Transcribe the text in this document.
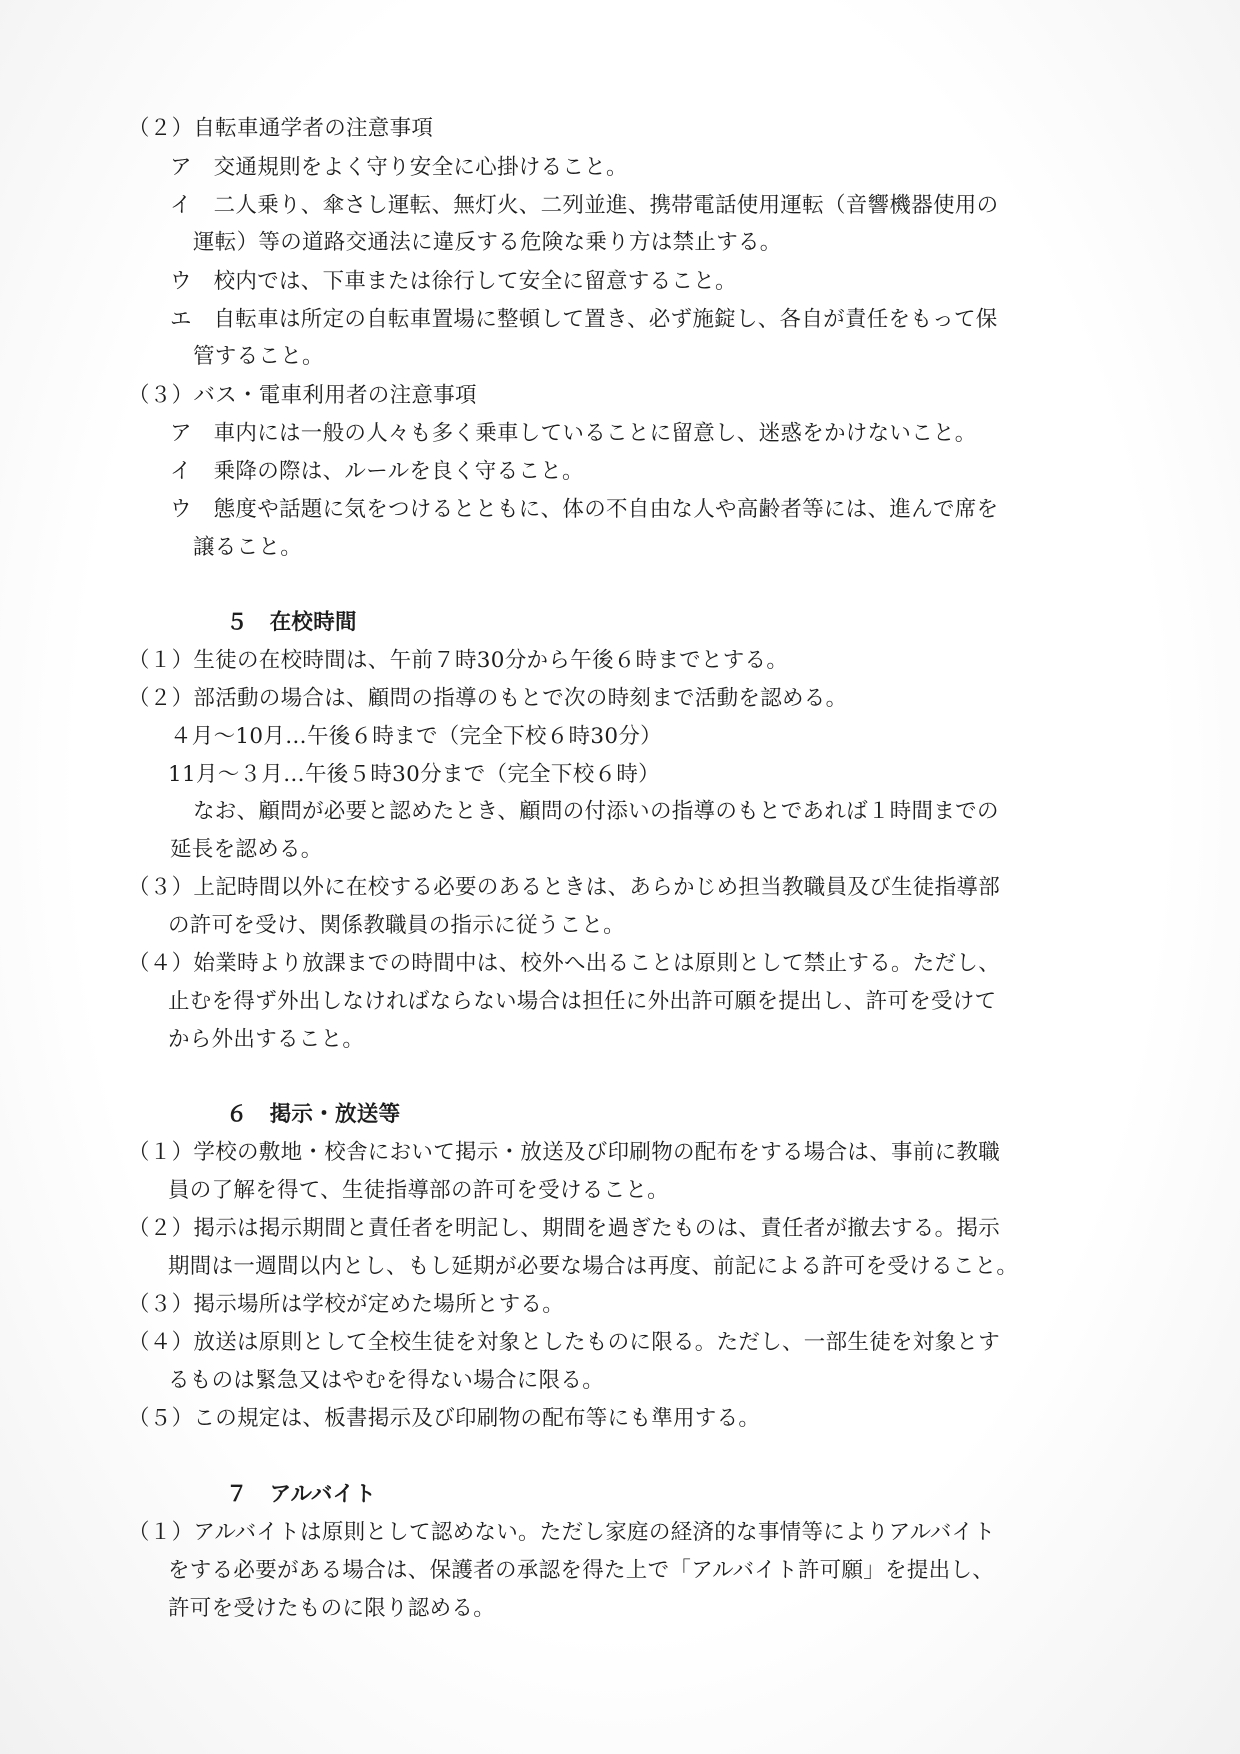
（２）自転車通学者の注意事項
ア　交通規則をよく守り安全に心掛けること。
イ　二人乗り、傘さし運転、無灯火、二列並進、携帯電話使用運転（音響機器使用の
運転）等の道路交通法に違反する危険な乗り方は禁止する。
ウ　校内では、下車または徐行して安全に留意すること。
エ　自転車は所定の自転車置場に整頓して置き、必ず施錠し、各自が責任をもって保
管すること。
（３）バス・電車利用者の注意事項
ア　車内には一般の人々も多く乗車していることに留意し、迷惑をかけないこと。
イ　乗降の際は、ルールを良く守ること。
ウ　態度や話題に気をつけるとともに、体の不自由な人や高齢者等には、進んで席を
譲ること。
５　在校時間
（１）生徒の在校時間は、午前７時30分から午後６時までとする。
（２）部活動の場合は、顧問の指導のもとで次の時刻まで活動を認める。
４月～10月…午後６時まで（完全下校６時30分）
11月～３月…午後５時30分まで（完全下校６時）
なお、顧問が必要と認めたとき、顧問の付添いの指導のもとであれば１時間までの
延長を認める。
（３）上記時間以外に在校する必要のあるときは、あらかじめ担当教職員及び生徒指導部
の許可を受け、関係教職員の指示に従うこと。
（４）始業時より放課までの時間中は、校外へ出ることは原則として禁止する。ただし、
止むを得ず外出しなければならない場合は担任に外出許可願を提出し、許可を受けて
から外出すること。
６　掲示・放送等
（１）学校の敷地・校舎において掲示・放送及び印刷物の配布をする場合は、事前に教職
員の了解を得て、生徒指導部の許可を受けること。
（２）掲示は掲示期間と責任者を明記し、期間を過ぎたものは、責任者が撤去する。掲示
期間は一週間以内とし、もし延期が必要な場合は再度、前記による許可を受けること。
（３）掲示場所は学校が定めた場所とする。
（４）放送は原則として全校生徒を対象としたものに限る。ただし、一部生徒を対象とす
るものは緊急又はやむを得ない場合に限る。
（５）この規定は、板書掲示及び印刷物の配布等にも準用する。
７　アルバイト
（１）アルバイトは原則として認めない。ただし家庭の経済的な事情等によりアルバイト
をする必要がある場合は、保護者の承認を得た上で「アルバイト許可願」を提出し、
許可を受けたものに限り認める。
